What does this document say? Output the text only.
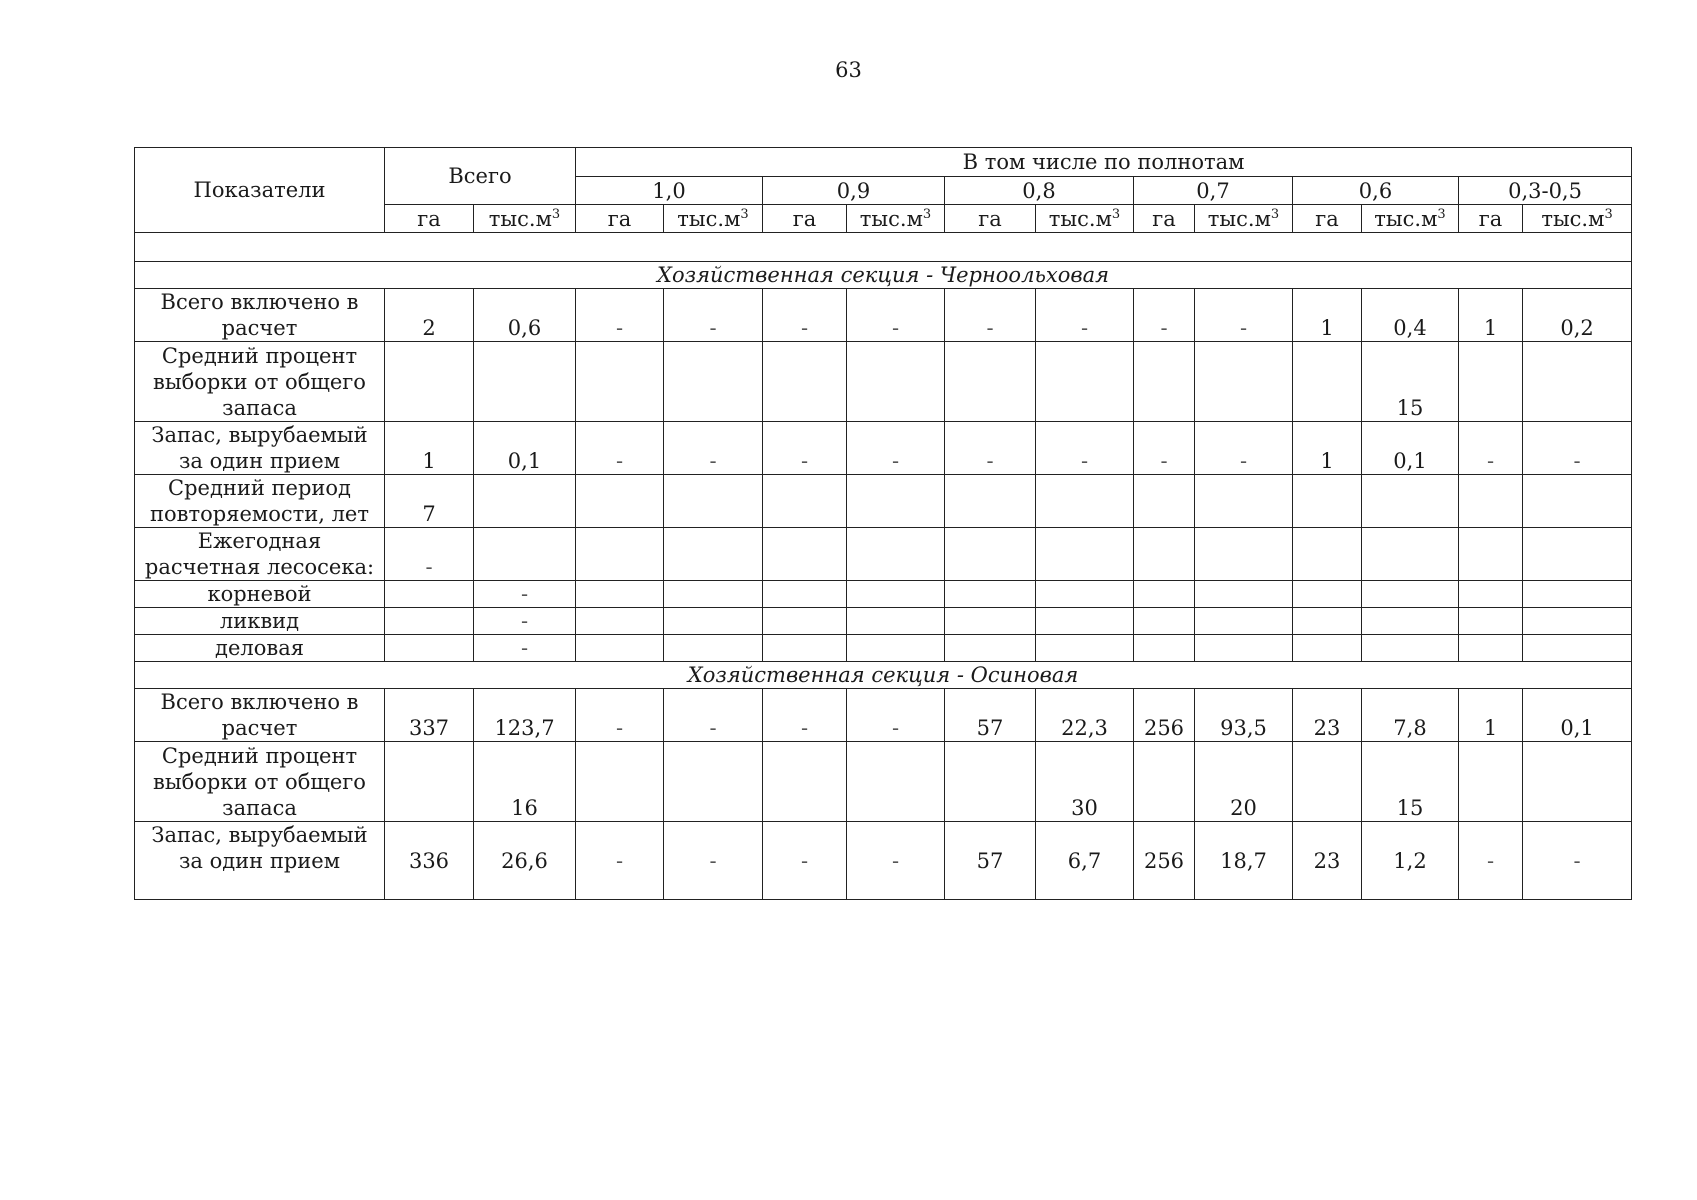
63
Показатели	Всего		В том числе по полнотам											
			1,0		0,9		0,8		0,7		0,6		0,3-0,5	
	га	тыс.м 3	га	тыс.м 3	га	тыс.м 3	га	тыс.м 3	га	тыс.м 3	га	тыс.м 3	га	тыс.м 3

Хозяйственная секция - Черноольховая														
Всего включено в расчет	2	0,6	-	-	-	-	-	-	-	-	1	0,4	1	0,2
Средний процент выборки от общего запаса												15		
Запас, вырубаемый за один прием	1	0,1	-	-	-	-	-	-	-	-	1	0,1	-	-
Средний период повторяемости, лет	7													
Ежегодная расчетная лесосека:	-													
корневой		-												
ликвид		-												
деловая		-												
Хозяйственная секция - Осиновая														
Всего включено в расчет	337	123,7	-	-	-	-	57	22,3	256	93,5	23	7,8	1	0,1
Средний процент выборки от общего запаса		16						30		20		15		
Запас, вырубаемый за один прием	336	26,6	-	-	-	-	57	6,7	256	18,7	23	1,2	-	-
